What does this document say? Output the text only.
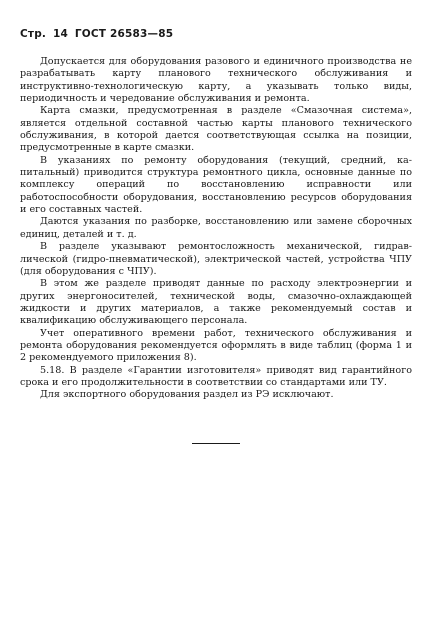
Стр. 14 ГОСТ 26583—85

Допускается для оборудования разового и единичного производства не разрабатывать карту планового технического обслуживания и инструктивно-технологическую карту, а указывать только виды, периодичность и чередование обслуживания и ремонта.

Карта смазки, предусмотренная в разделе «Смазочная система», является отдельной составной частью карты планового технического обслуживания, в которой дается соответствующая ссылка на позиции, предусмотренные в карте смазки.

В указаниях по ремонту оборудования (текущий, средний, капитальный) приводится структура ремонтного цикла, основные данные по комплексу операций по восстановлению исправности или работоспособности оборудования, восстановлению ресурсов оборудования и его составных частей.

Даются указания по разборке, восстановлению или замене сборочных единиц, деталей и т. д.

В разделе указывают ремонтосложность механической, гидравлической (гидро-пневматической), электрической частей, устройства ЧПУ (для оборудования с ЧПУ).

В этом же разделе приводят данные по расходу электроэнергии и других энергоносителей, технической воды, смазочно-охлаждающей жидкости и других материалов, а также рекомендуемый состав и квалификацию обслуживающего персонала.

Учет оперативного времени работ, технического обслуживания и ремонта оборудования рекомендуется оформлять в виде таблиц (форма 1 и 2 рекомендуемого приложения 8).

5.18. В разделе «Гарантии изготовителя» приводят вид гарантийного срока и его продолжительности в соответствии со стандартами или ТУ.

Для экспортного оборудования раздел из РЭ исключают.
